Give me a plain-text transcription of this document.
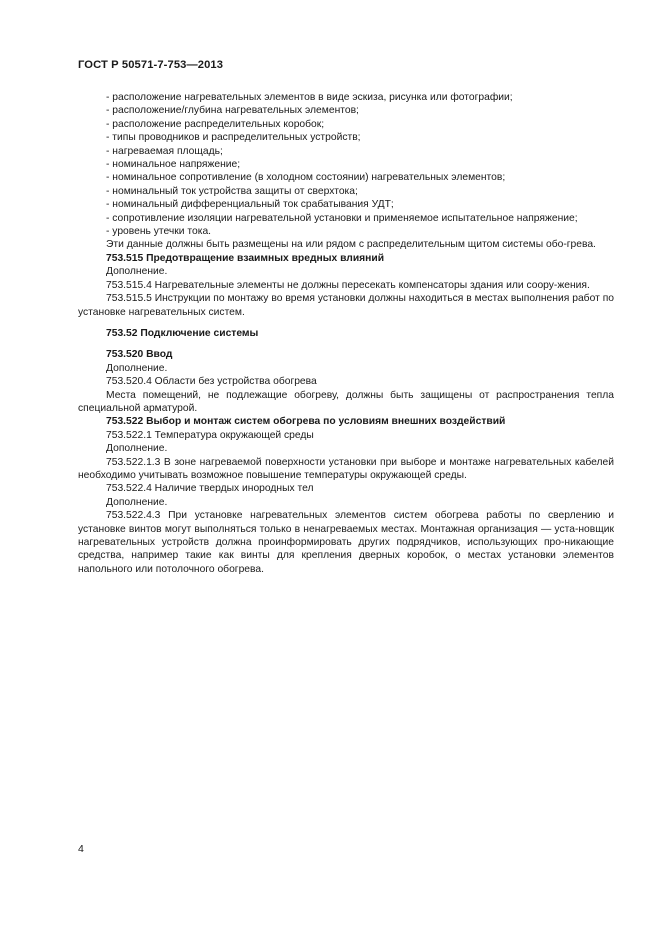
ГОСТ Р 50571-7-753—2013

- расположение нагревательных элементов в виде эскиза, рисунка или фотографии;

- расположение/глубина нагревательных элементов;

- расположение распределительных коробок;

- типы проводников и распределительных устройств;

- нагреваемая площадь;

- номинальное напряжение;

- номинальное сопротивление (в холодном состоянии) нагревательных элементов;

- номинальный ток устройства защиты от сверхтока;

- номинальный дифференциальный ток срабатывания УДТ;

- сопротивление изоляции нагревательной установки и применяемое испытательное напряжение;

- уровень утечки тока.

Эти данные должны быть размещены на или рядом с распределительным щитом системы обо-грева.

753.515 Предотвращение взаимных вредных влияний

Дополнение.

753.515.4 Нагревательные элементы не должны пересекать компенсаторы здания или соору-жения.

753.515.5 Инструкции по монтажу во время установки должны находиться в местах выполнения работ по установке нагревательных систем.

753.52 Подключение системы

753.520 Ввод

Дополнение.

753.520.4 Области без устройства обогрева

Места помещений, не подлежащие обогреву, должны быть защищены от распространения тепла специальной арматурой.

753.522 Выбор и монтаж систем обогрева по условиям внешних воздействий

753.522.1 Температура окружающей среды

Дополнение.

753.522.1.3 В зоне нагреваемой поверхности установки при выборе и монтаже нагревательных кабелей необходимо учитывать возможное повышение температуры окружающей среды.

753.522.4 Наличие твердых инородных тел

Дополнение.

753.522.4.3 При установке нагревательных элементов систем обогрева работы по сверлению и установке винтов могут выполняться только в ненагреваемых местах. Монтажная организация — уста-новщик нагревательных устройств должна проинформировать других подрядчиков, использующих про-никающие средства, например такие как винты для крепления дверных коробок, о местах установки элементов напольного или потолочного обогрева.

4
